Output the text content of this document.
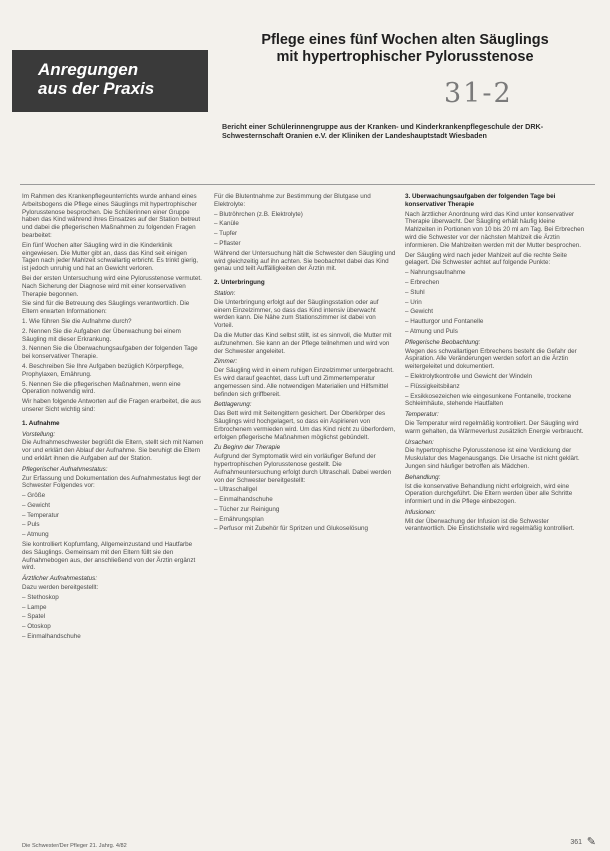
Anregungen
aus der Praxis
Pflege eines fünf Wochen alten Säuglings
mit hypertrophischer Pylorusstenose
31-2
Bericht einer Schülerinnengruppe aus der Kranken- und Kinderkrankenpflegeschule der DRK-Schwesternschaft Oranien e.V. der Kliniken der Landeshauptstadt Wiesbaden

Im Rahmen des Krankenpflegeunterrichts wurde anhand eines Arbeitsbogens die Pflege eines Säuglings mit hypertrophischer Pylorusstenose besprochen. Die Schülerinnen einer Gruppe haben das Kind während ihres Einsatzes auf der Station betreut und dabei die pflegerischen Maßnahmen zu folgenden Fragen bearbeitet:

Ein fünf Wochen alter Säugling wird in die Kinderklinik eingewiesen. Die Mutter gibt an, dass das Kind seit einigen Tagen nach jeder Mahlzeit schwallartig erbricht. Es trinkt gierig, ist jedoch unruhig und hat an Gewicht verloren.

Bei der ersten Untersuchung wird eine Pylorusstenose vermutet. Nach Sicherung der Diagnose wird mit einer konservativen Therapie begonnen.

Sie sind für die Betreuung des Säuglings verantwortlich. Die Eltern erwarten Informationen:

1. Wie führen Sie die Aufnahme durch?

2. Nennen Sie die Aufgaben der Überwachung bei einem Säugling mit dieser Erkrankung.

3. Nennen Sie die Überwachungsaufgaben der folgenden Tage bei konservativer Therapie.

4. Beschreiben Sie Ihre Aufgaben bezüglich Körperpflege, Prophylaxen, Ernährung.

5. Nennen Sie die pflegerischen Maßnahmen, wenn eine Operation notwendig wird.

Wir haben folgende Antworten auf die Fragen erarbeitet, die aus unserer Sicht wichtig sind:

1. Aufnahme

Vorstellung:

Die Aufnahmeschwester begrüßt die Eltern, stellt sich mit Namen vor und erklärt den Ablauf der Aufnahme. Sie beruhigt die Eltern und erklärt ihnen die Aufgaben auf der Station.

Pflegerischer Aufnahmestatus:

Zur Erfassung und Dokumentation des Aufnahmestatus liegt der Schwester Folgendes vor:

– Größe

– Gewicht

– Temperatur

– Puls

– Atmung

Sie kontrolliert Kopfumfang, Allgemeinzustand und Hautfarbe des Säuglings. Gemeinsam mit den Eltern füllt sie den Aufnahmebogen aus, der anschließend von der Ärztin ergänzt wird.

Ärztlicher Aufnahmestatus:

Dazu werden bereitgestellt:

– Stethoskop

– Lampe

– Spatel

– Otoskop

– Einmalhandschuhe

Für die Blutentnahme zur Bestimmung der Blutgase und Elektrolyte:

– Blutröhrchen (z.B. Elektrolyte)

– Kanüle

– Tupfer

– Pflaster

Während der Untersuchung hält die Schwester den Säugling und wird gleichzeitig auf ihn achten. Sie beobachtet dabei das Kind genau und teilt Auffälligkeiten der Ärztin mit.

2. Unterbringung

Station:

Die Unterbringung erfolgt auf der Säuglingsstation oder auf einem Einzelzimmer, so dass das Kind intensiv überwacht werden kann. Die Nähe zum Stationszimmer ist dabei von Vorteil.

Da die Mutter das Kind selbst stillt, ist es sinnvoll, die Mutter mit aufzunehmen. Sie kann an der Pflege teilnehmen und wird von der Schwester angeleitet.

Zimmer:

Der Säugling wird in einem ruhigen Einzelzimmer untergebracht. Es wird darauf geachtet, dass Luft und Zimmertemperatur angemessen sind. Alle notwendigen Materialien und Hilfsmittel befinden sich griffbereit.

Bettlagerung:

Das Bett wird mit Seitengittern gesichert. Der Oberkörper des Säuglings wird hochgelagert, so dass ein Aspirieren von Erbrochenem vermieden wird. Um das Kind nicht zu überfordern, erfolgen pflegerische Maßnahmen möglichst gebündelt.

Zu Beginn der Therapie

Aufgrund der Symptomatik wird ein vorläufiger Befund der hypertrophischen Pylorusstenose gestellt. Die Aufnahmeuntersuchung erfolgt durch Ultraschall. Dabei werden von der Schwester bereitgestellt:

– Ultraschallgel

– Einmalhandschuhe

– Tücher zur Reinigung

– Ernährungsplan

– Perfusor mit Zubehör für Spritzen und Glukoselösung

3. Überwachungsaufgaben der folgenden Tage bei konservativer Therapie

Nach ärztlicher Anordnung wird das Kind unter konservativer Therapie überwacht. Der Säugling erhält häufig kleine Mahlzeiten in Portionen von 10 bis 20 ml am Tag. Bei Erbrechen wird die Schwester vor der nächsten Mahlzeit die Ärztin informieren. Die Mahlzeiten werden mit der Mutter besprochen.

Der Säugling wird nach jeder Mahlzeit auf die rechte Seite gelagert. Die Schwester achtet auf folgende Punkte:

– Nahrungsaufnahme

– Erbrechen

– Stuhl

– Urin

– Gewicht

– Hautturgor und Fontanelle

– Atmung und Puls

Pflegerische Beobachtung:

Wegen des schwallartigen Erbrechens besteht die Gefahr der Aspiration. Alle Veränderungen werden sofort an die Ärztin weitergeleitet und dokumentiert.

– Elektrolytkontrolle und Gewicht der Windeln

– Flüssigkeitsbilanz

– Exsikkosezeichen wie eingesunkene Fontanelle, trockene Schleimhäute, stehende Hautfalten

Temperatur:

Die Temperatur wird regelmäßig kontrolliert. Der Säugling wird warm gehalten, da Wärmeverlust zusätzlich Energie verbraucht.

Ursachen:

Die hypertrophische Pylorusstenose ist eine Verdickung der Muskulatur des Magenausgangs. Die Ursache ist nicht geklärt. Jungen sind häufiger betroffen als Mädchen.

Behandlung:

Ist die konservative Behandlung nicht erfolgreich, wird eine Operation durchgeführt. Die Eltern werden über alle Schritte informiert und in die Pflege einbezogen.

Infusionen:

Mit der Überwachung der Infusion ist die Schwester verantwortlich. Die Einstichstelle wird regelmäßig kontrolliert.

Die Schwester/Der Pfleger 21. Jahrg. 4/82	361 ✎
